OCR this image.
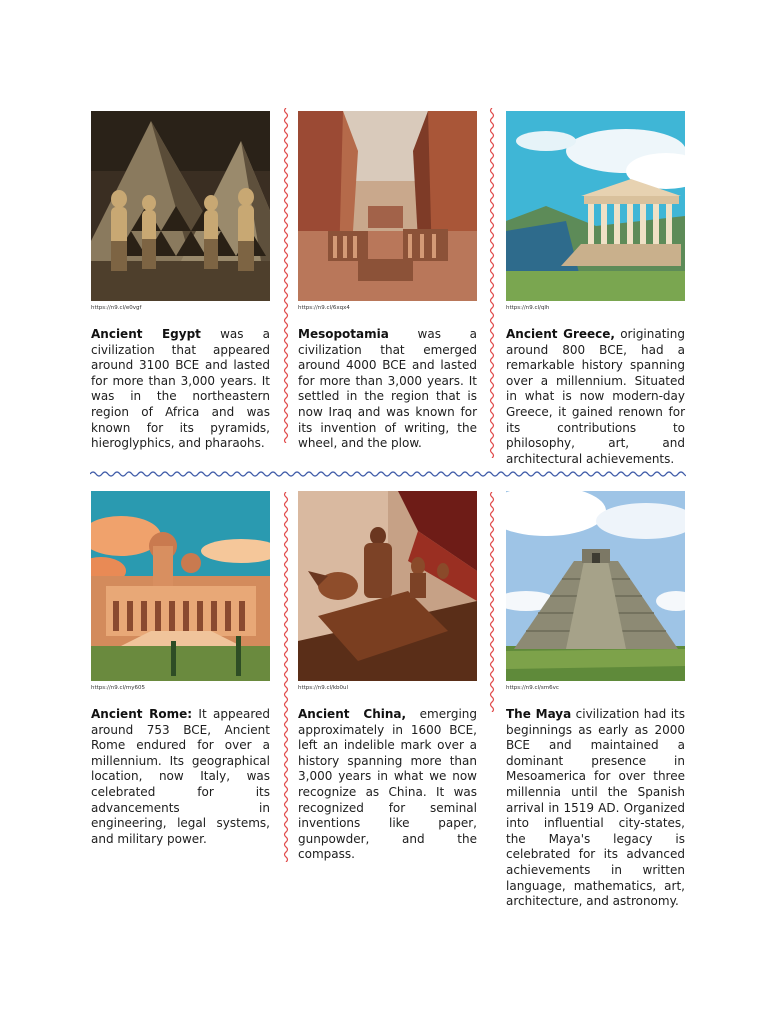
https://n9.cl/e0vgf
Ancient Egypt was a civilization that appeared around 3100 BCE and lasted for more than 3,000 years. It was in the northeastern region of Africa and was known for its pyramids, hieroglyphics, and pharaohs.
https://n9.cl/6xqx4
Mesopotamia was a civilization that emerged around 4000 BCE and lasted for more than 3,000 years. It settled in the region that is now Iraq and was known for its invention of writing, the wheel, and the plow.
https://n9.cl/qlh
Ancient Greece, originating around 800 BCE, had a remarkable history spanning over a millennium. Situated in what is now modern-day Greece, it gained renown for its contributions to philosophy, art, and architectural achievements.
https://n9.cl/my605
Ancient Rome: It appeared around 753 BCE, Ancient Rome endured for over a millennium. Its geographical location, now Italy, was celebrated for its advancements in engineering, legal systems, and military power.
https://n9.cl/kb0ul
Ancient China, emerging approximately in 1600 BCE, left an indelible mark over a history spanning more than 3,000 years in what we now recognize as China. It was recognized for seminal inventions like paper, gunpowder, and the compass.
https://n9.cl/sm6vc
The Maya civilization had its beginnings as early as 2000 BCE and maintained a dominant presence in Mesoamerica for over three millennia until the Spanish arrival in 1519 AD. Organized into influential city-states, the Maya's legacy is celebrated for its advanced achievements in written language, mathematics, art, architecture, and astronomy.
